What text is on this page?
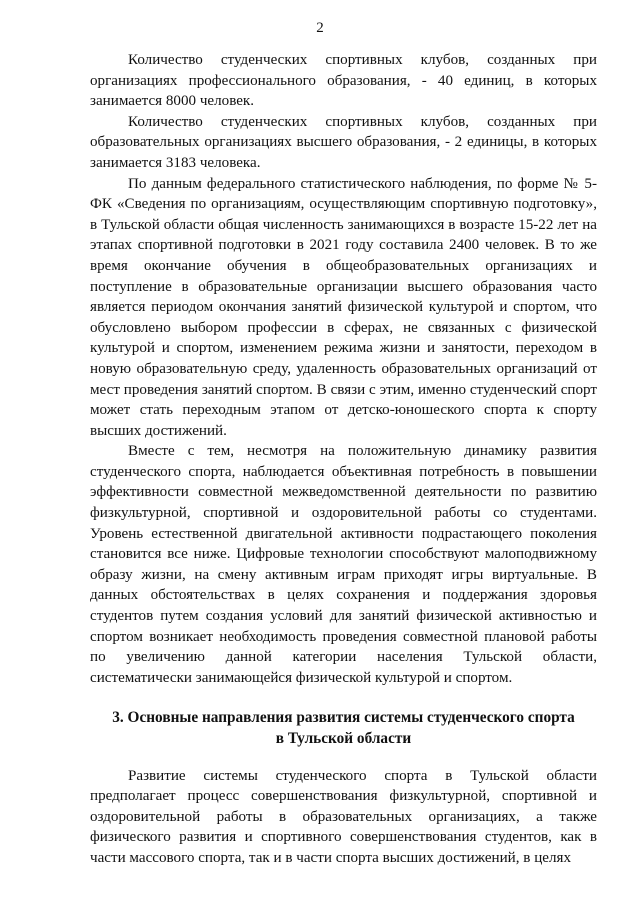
2

Количество студенческих спортивных клубов, созданных при организациях профессионального образования, - 40 единиц, в которых занимается 8000 человек.

Количество студенческих спортивных клубов, созданных при образовательных организациях высшего образования, - 2 единицы, в которых занимается 3183 человека.

По данным федерального статистического наблюдения, по форме № 5-ФК «Сведения по организациям, осуществляющим спортивную подготовку», в Тульской области общая численность занимающихся в возрасте 15-22 лет на этапах спортивной подготовки в 2021 году составила 2400 человек. В то же время окончание обучения в общеобразовательных организациях и поступление в образовательные организации высшего образования часто является периодом окончания занятий физической культурой и спортом, что обусловлено выбором профессии в сферах, не связанных с физической культурой и спортом, изменением режима жизни и занятости, переходом в новую образовательную среду, удаленность образовательных организаций от мест проведения занятий спортом. В связи с этим, именно студенческий спорт может стать переходным этапом от детско-юношеского спорта к спорту высших достижений.

Вместе с тем, несмотря на положительную динамику развития студенческого спорта, наблюдается объективная потребность в повышении эффективности совместной межведомственной деятельности по развитию физкультурной, спортивной и оздоровительной работы со студентами. Уровень естественной двигательной активности подрастающего поколения становится все ниже. Цифровые технологии способствуют малоподвижному образу жизни, на смену активным играм приходят игры виртуальные. В данных обстоятельствах в целях сохранения и поддержания здоровья студентов путем создания условий для занятий физической активностью и спортом возникает необходимость проведения совместной плановой работы по увеличению данной категории населения Тульской области, систематически занимающейся физической культурой и спортом.

3. Основные направления развития системы студенческого спорта
в Тульской области

Развитие системы студенческого спорта в Тульской области предполагает процесс совершенствования физкультурной, спортивной и оздоровительной работы в образовательных организациях, а также физического развития и спортивного совершенствования студентов, как в части массового спорта, так и в части спорта высших достижений, в целях
